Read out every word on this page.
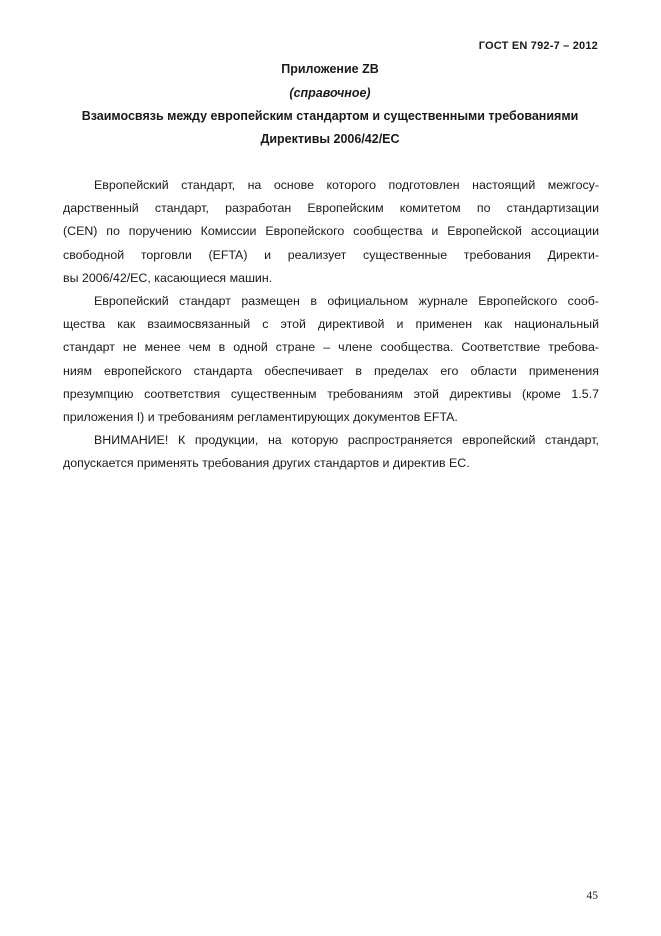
ГОСТ EN 792-7 – 2012
Приложение ZB
(справочное)
Взаимосвязь между европейским стандартом и существенными требованиями
Директивы 2006/42/ЕС

Европейский стандарт, на основе которого подготовлен настоящий межгосу-
дарственный стандарт, разработан Европейским комитетом по стандартизации
(CEN) по поручению Комиссии Европейского сообщества и Европейской ассоциации
свободной торговли (EFTA) и реализует существенные требования Директи-
вы 2006/42/ЕС, касающиеся машин.

Европейский стандарт размещен в официальном журнале Европейского сооб-
щества как взаимосвязанный с этой директивой и применен как национальный
стандарт не менее чем в одной стране – члене сообщества. Соответствие требова-
ниям европейского стандарта обеспечивает в пределах его области применения
презумпцию соответствия существенным требованиям этой директивы (кроме 1.5.7
приложения I) и требованиям регламентирующих документов EFTA.

ВНИМАНИЕ! К продукции, на которую распространяется европейский стандарт,
допускается применять требования других стандартов и директив ЕС.

45
